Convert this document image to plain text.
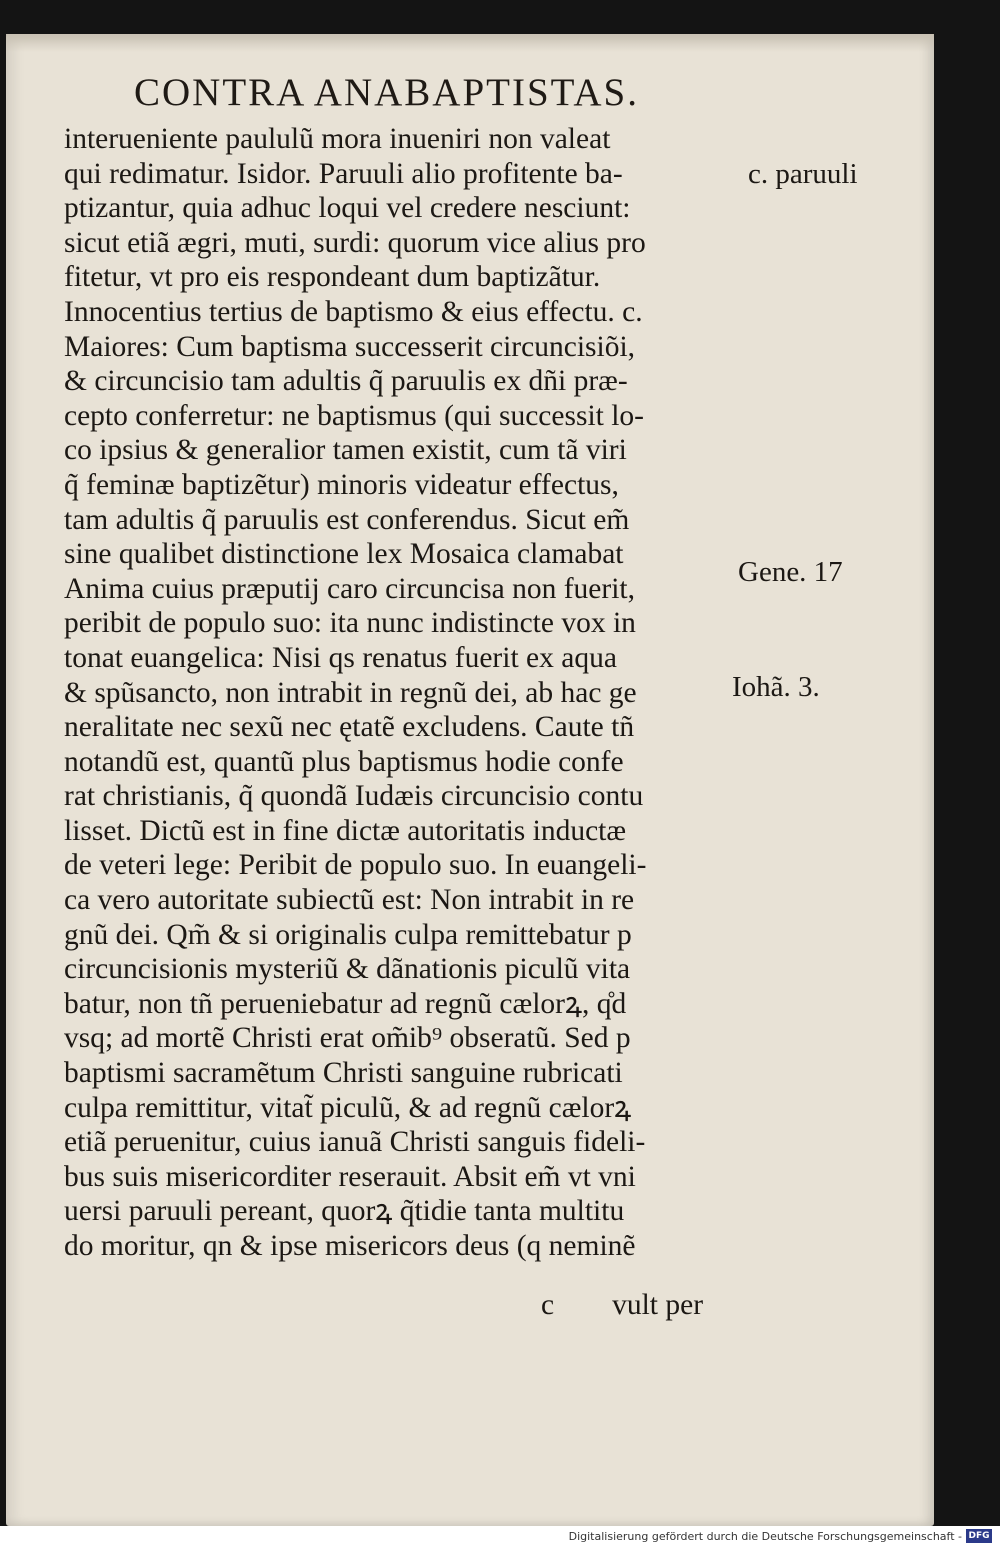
CONTRA ANABAPTISTAS.
interueniente paululũ mora inueniri non valeat
qui redimatur. Isidor. Paruuli alio profitente ba-
ptizantur, quia adhuc loqui vel credere nesciunt:
sicut etiã ægri, muti, surdi: quorum vice alius pro
fitetur, vt pro eis respondeant dum baptizãtur.
Innocentius tertius de baptismo & eius effectu. c.
Maiores: Cum baptisma successerit circuncisiõi,
& circuncisio tam adultis q̃ paruulis ex dñi præ-
cepto conferretur: ne baptismus (qui successit lo-
co ipsius & generalior tamen existit, cum tã viri
q̃ feminæ baptizẽtur) minoris videatur effectus,
tam adultis q̃ paruulis est conferendus. Sicut em̃
sine qualibet distinctione lex Mosaica clamabat
Anima cuius præputij caro circuncisa non fuerit,
peribit de populo suo: ita nunc indistincte vox in
tonat euangelica: Nisi qs renatus fuerit ex aqua
& spũsancto, non intrabit in regnũ dei, ab hac ge
neralitate nec sexũ nec ętatẽ excludens. Caute tñ
notandũ est, quantũ plus baptismus hodie confe
rat christianis, q̃ quondã Iudæis circuncisio contu
lisset. Dictũ est in fine dictæ autoritatis inductæ
de veteri lege: Peribit de populo suo. In euangeli-
ca vero autoritate subiectũ est: Non intrabit in re
gnũ dei. Qm̃ & si originalis culpa remittebatur p
circuncisionis mysteriũ & dãnationis piculũ vita
batur, non tñ perueniebatur ad regnũ cælorꝝ, q̊d
vsq; ad mortẽ Christi erat om̃ib⁹ obseratũ. Sed p
baptismi sacramẽtum Christi sanguine rubricati
culpa remittitur, vitat̃ piculũ, & ad regnũ cælorꝝ
etiã peruenitur, cuius ianuã Christi sanguis fideli-
bus suis misericorditer reserauit. Absit em̃ vt vni
uersi paruuli pereant, quorꝝ q̃tidie tanta multitu
do moritur, qn & ipse misericors deus (q neminẽ
c vult per
c. paruuli
Gene. 17
Iohã. 3.
Digitalisierung gefördert durch die Deutsche Forschungsgemeinschaft - DFG
